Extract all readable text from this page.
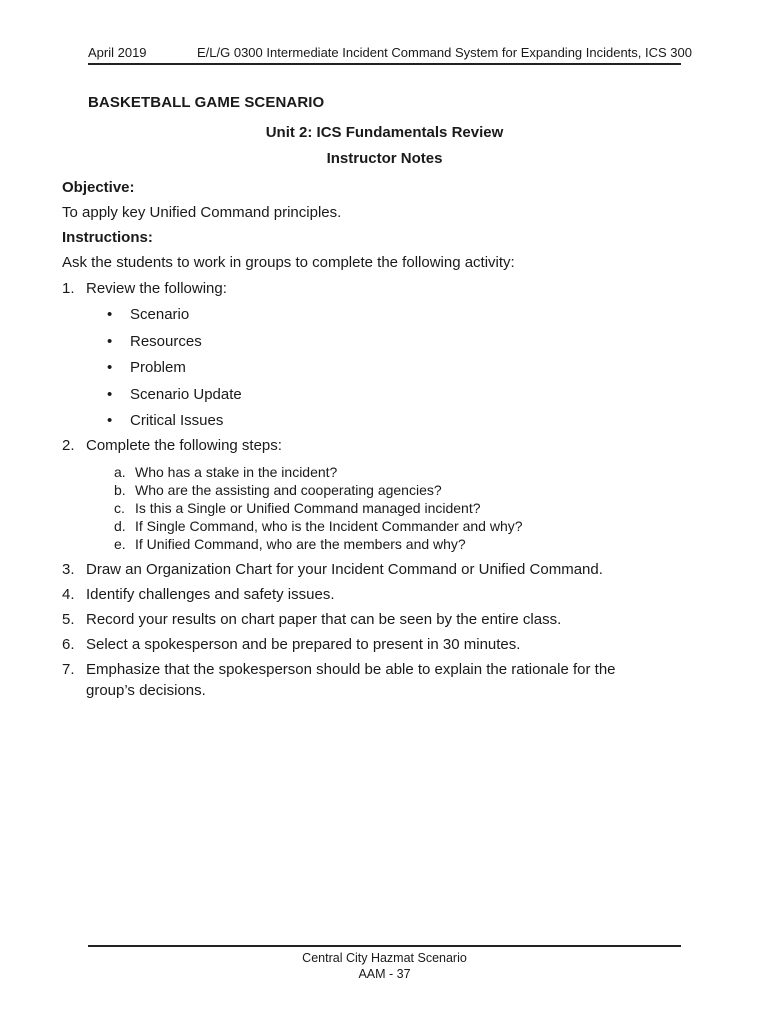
April 2019	E/L/G 0300 Intermediate Incident Command System for Expanding Incidents, ICS 300
BASKETBALL GAME SCENARIO
Unit 2: ICS Fundamentals Review
Instructor Notes
Objective:
To apply key Unified Command principles.
Instructions:
Ask the students to work in groups to complete the following activity:
1. Review the following:
• Scenario
• Resources
• Problem
• Scenario Update
• Critical Issues
2. Complete the following steps:
a. Who has a stake in the incident?
b. Who are the assisting and cooperating agencies?
c. Is this a Single or Unified Command managed incident?
d. If Single Command, who is the Incident Commander and why?
e. If Unified Command, who are the members and why?
3. Draw an Organization Chart for your Incident Command or Unified Command.
4. Identify challenges and safety issues.
5. Record your results on chart paper that can be seen by the entire class.
6. Select a spokesperson and be prepared to present in 30 minutes.
7. Emphasize that the spokesperson should be able to explain the rationale for the
group’s decisions.
Central City Hazmat Scenario
AAM - 37
